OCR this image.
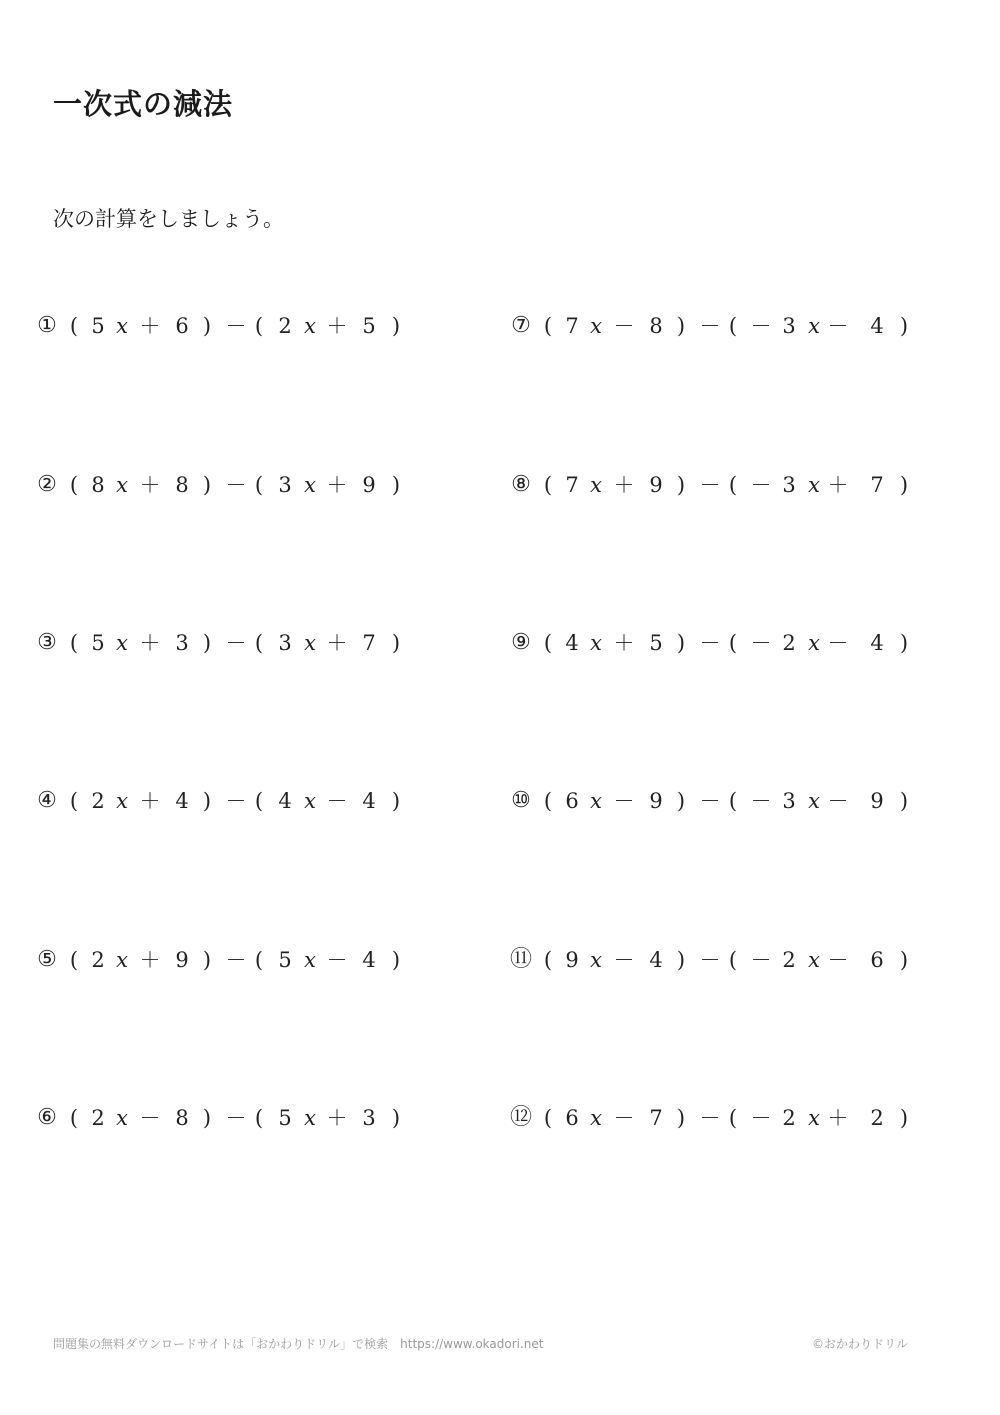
一次式の減法
次の計算をしましょう。
① ( 5 x ＋ 6 ) － ( 2 x ＋ 5 )
② ( 8 x ＋ 8 ) － ( 3 x ＋ 9 )
③ ( 5 x ＋ 3 ) － ( 3 x ＋ 7 )
④ ( 2 x ＋ 4 ) － ( 4 x － 4 )
⑤ ( 2 x ＋ 9 ) － ( 5 x － 4 )
⑥ ( 2 x － 8 ) － ( 5 x ＋ 3 )
⑦ ( 7 x － 8 ) － ( － 3 x － 4 )
⑧ ( 7 x ＋ 9 ) － ( － 3 x ＋ 7 )
⑨ ( 4 x ＋ 5 ) － ( － 2 x － 4 )
⑩ ( 6 x － 9 ) － ( － 3 x － 9 )
⑪ ( 9 x － 4 ) － ( － 2 x － 6 )
⑫ ( 6 x － 7 ) － ( － 2 x ＋ 2 )
問題集の無料ダウンロードサイトは「おかわりドリル」で検索　https://www.okadori.net	©おかわりドリル
